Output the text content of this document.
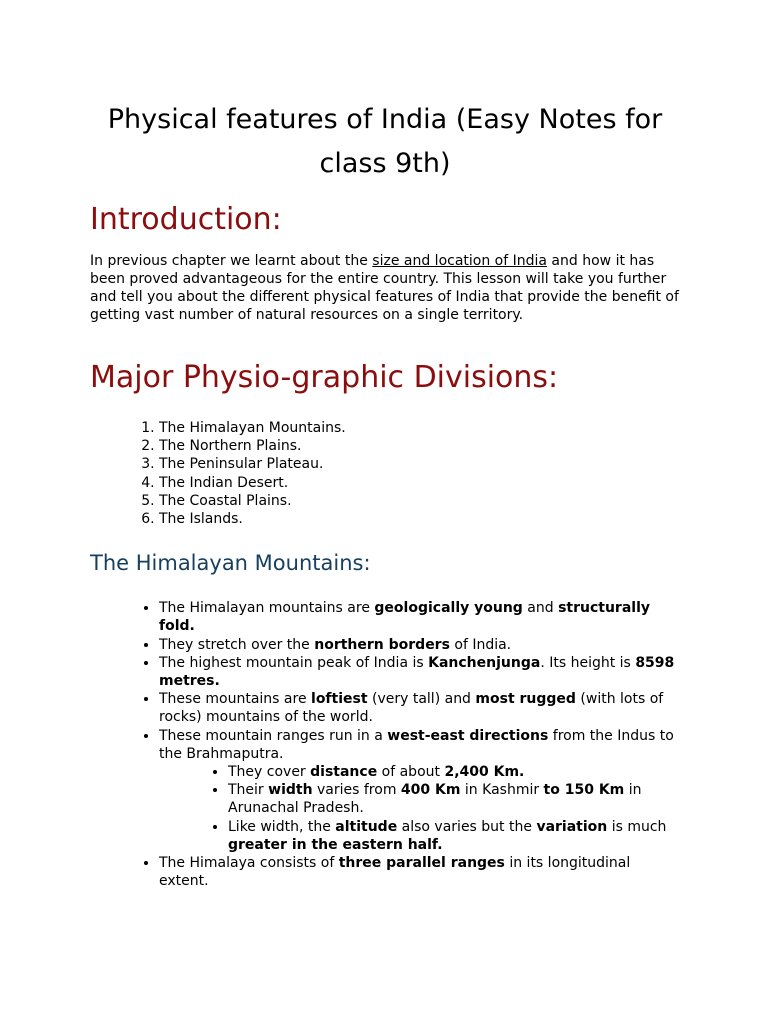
Physical features of India (Easy Notes for class 9th)
Introduction:

In previous chapter we learnt about the size and location of India and how it has been proved advantageous for the entire country. This lesson will take you further and tell you about the different physical features of India that provide the benefit of getting vast number of natural resources on a single territory.

Major Physio-graphic Divisions:
1. The Himalayan Mountains.
2. The Northern Plains.
3. The Peninsular Plateau.
4. The Indian Desert.
5. The Coastal Plains.
6. The Islands.
The Himalayan Mountains:
• The Himalayan mountains are geologically young and structurally fold.
• They stretch over the northern borders of India.
• The highest mountain peak of India is Kanchenjunga. Its height is 8598 metres.
• These mountains are loftiest (very tall) and most rugged (with lots of rocks) mountains of the world.
• These mountain ranges run in a west-east directions from the Indus to the Brahmaputra.
• They cover distance of about 2,400 Km.
• Their width varies from 400 Km in Kashmir to 150 Km in Arunachal Pradesh.
• Like width, the altitude also varies but the variation is much greater in the eastern half.
• The Himalaya consists of three parallel ranges in its longitudinal extent.
